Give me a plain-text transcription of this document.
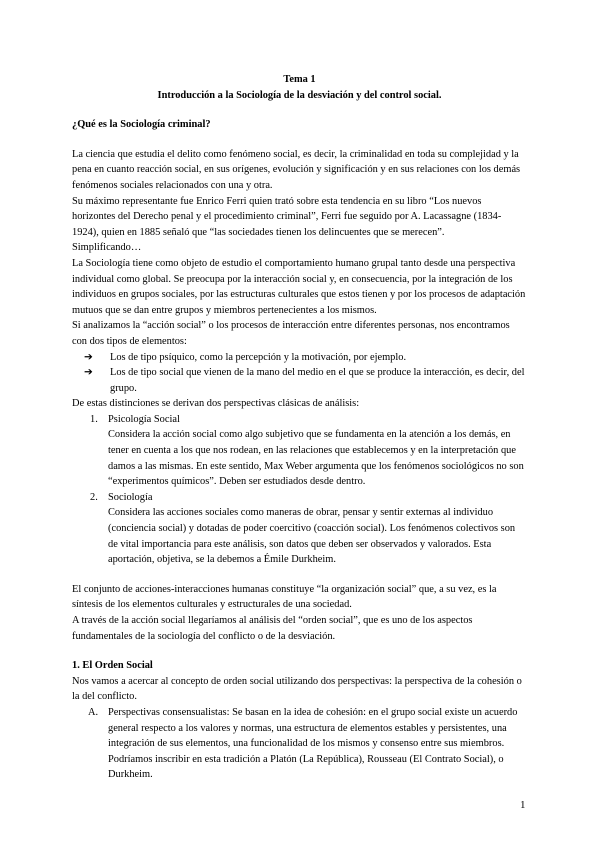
Tema 1

Introducción a la Sociología de la desviación y del control social.

¿Qué es la Sociología criminal?

La ciencia que estudia el delito como fenómeno social, es decir, la criminalidad en toda su complejidad y la pena en cuanto reacción social, en sus orígenes, evolución y significación y en sus relaciones con los demás fenómenos sociales relacionados con una y otra.

Su máximo representante fue Enrico Ferri quien trató sobre esta tendencia en su libro “Los nuevos horizontes del Derecho penal y el procedimiento criminal”, Ferri fue seguido por A. Lacassagne (1834-1924), quien en 1885 señaló que “las sociedades tienen los delincuentes que se merecen”.

Simplificando…

La Sociología tiene como objeto de estudio el comportamiento humano grupal tanto desde una perspectiva individual como global. Se preocupa por la interacción social y, en consecuencia, por la integración de los individuos en grupos sociales, por las estructuras culturales que estos tienen y por los procesos de adaptación mutuos que se dan entre grupos y miembros pertenecientes a los mismos.

Si analizamos la “acción social” o los procesos de interacción entre diferentes personas, nos encontramos con dos tipos de elementos:

➔ Los de tipo psíquico, como la percepción y la motivación, por ejemplo.
➔ Los de tipo social que vienen de la mano del medio en el que se produce la interacción, es decir, del grupo.

De estas distinciones se derivan dos perspectivas clásicas de análisis:

1. Psicología Social

Considera la acción social como algo subjetivo que se fundamenta en la atención a los demás, en tener en cuenta a los que nos rodean, en las relaciones que establecemos y en la interpretación que damos a las mismas. En este sentido, Max Weber argumenta que los fenómenos sociológicos no son “experimentos químicos”. Deben ser estudiados desde dentro.

2. Sociología

Considera las acciones sociales como maneras de obrar, pensar y sentir externas al individuo (conciencia social) y dotadas de poder coercitivo (coacción social). Los fenómenos colectivos son de vital importancia para este análisis, son datos que deben ser observados y valorados. Esta aportación, objetiva, se la debemos a Émile Durkheim.

El conjunto de acciones-interacciones humanas constituye “la organización social” que, a su vez, es la síntesis de los elementos culturales y estructurales de una sociedad.

A través de la acción social llegaríamos al análisis del “orden social”, que es uno de los aspectos fundamentales de la sociología del conflicto o de la desviación.

1. El Orden Social

Nos vamos a acercar al concepto de orden social utilizando dos perspectivas: la perspectiva de la cohesión o la del conflicto.

A. Perspectivas consensualistas: Se basan en la idea de cohesión: en el grupo social existe un acuerdo general respecto a los valores y normas, una estructura de elementos estables y persistentes, una integración de sus elementos, una funcionalidad de los mismos y consenso entre sus miembros. Podríamos inscribir en esta tradición a Platón (La República), Rousseau (El Contrato Social), o Durkheim.
1
